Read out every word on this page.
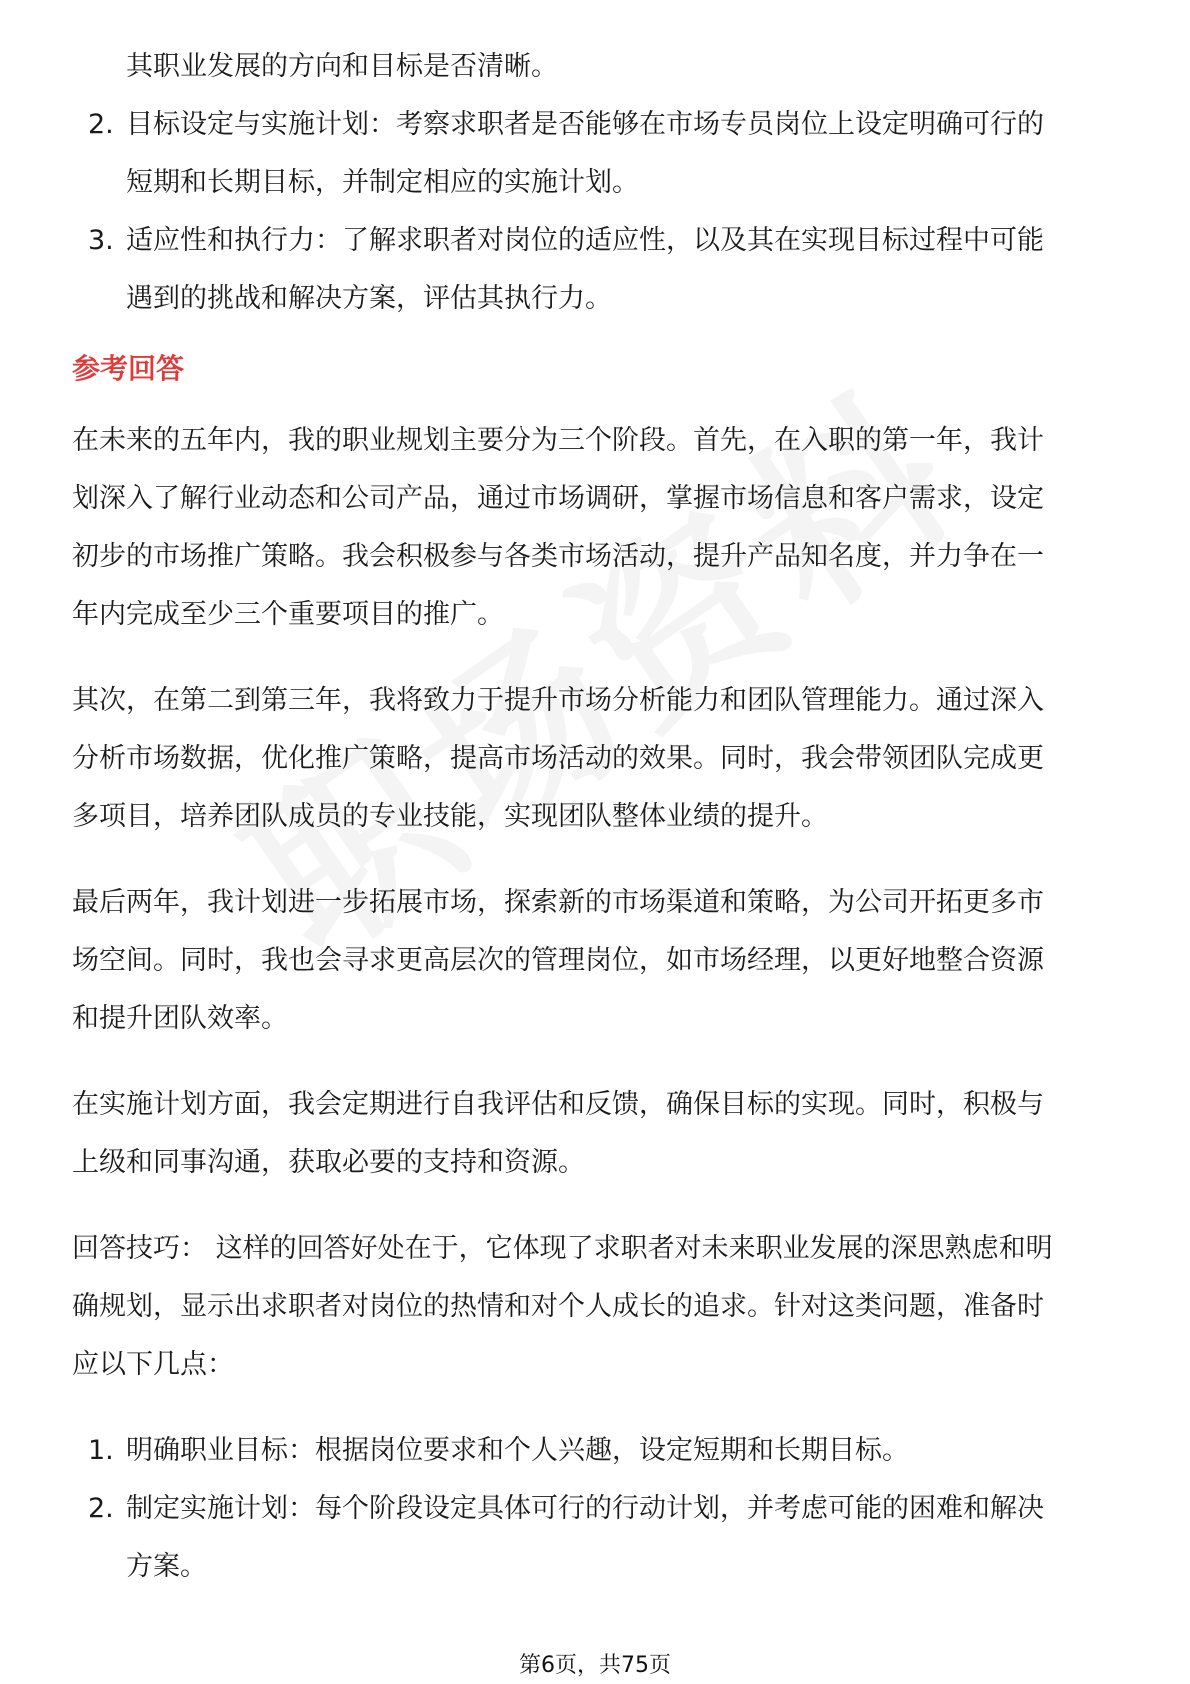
其职业发展的方向和目标是否清晰。
2. 目标设定与实施计划：考察求职者是否能够在市场专员岗位上设定明确可行的
短期和长期目标，并制定相应的实施计划。
3. 适应性和执行力：了解求职者对岗位的适应性，以及其在实现目标过程中可能
遇到的挑战和解决方案，评估其执行力。
参考回答
在未来的五年内，我的职业规划主要分为三个阶段。首先，在入职的第一年，我计
划深入了解行业动态和公司产品，通过市场调研，掌握市场信息和客户需求，设定
初步的市场推广策略。我会积极参与各类市场活动，提升产品知名度，并力争在一
年内完成至少三个重要项目的推广。
其次，在第二到第三年，我将致力于提升市场分析能力和团队管理能力。通过深入
分析市场数据，优化推广策略，提高市场活动的效果。同时，我会带领团队完成更
多项目，培养团队成员的专业技能，实现团队整体业绩的提升。
最后两年，我计划进一步拓展市场，探索新的市场渠道和策略，为公司开拓更多市
场空间。同时，我也会寻求更高层次的管理岗位，如市场经理，以更好地整合资源
和提升团队效率。
在实施计划方面，我会定期进行自我评估和反馈，确保目标的实现。同时，积极与
上级和同事沟通，获取必要的支持和资源。
回答技巧： 这样的回答好处在于，它体现了求职者对未来职业发展的深思熟虑和明
确规划，显示出求职者对岗位的热情和对个人成长的追求。针对这类问题，准备时
应以下几点：
1. 明确职业目标：根据岗位要求和个人兴趣，设定短期和长期目标。
2. 制定实施计划：每个阶段设定具体可行的行动计划，并考虑可能的困难和解决
方案。
第6页，共75页
